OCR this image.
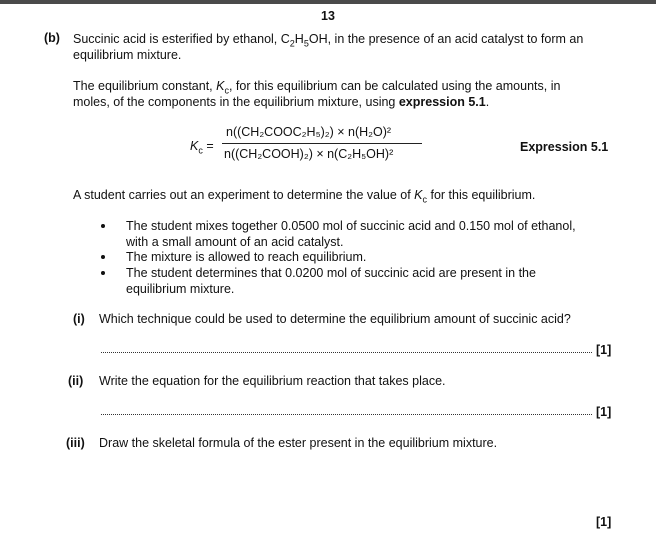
13
(b) Succinic acid is esterified by ethanol, $C_2H_5OH$, in the presence of an acid catalyst to form an
equilibrium mixture.
The equilibrium constant, $K_c$, for this equilibrium can be calculated using the amounts, in
moles, of the components in the equilibrium mixture, using expression 5.1.
$K_c$ =
n((CH₂COOC₂H₅)₂) × n(H₂O)²
n((CH₂COOH)₂) × n(C₂H₅OH)²	Expression 5.1
A student carries out an experiment to determine the value of $K_c$ for this equilibrium.
The student mixes together 0.0500 mol of succinic acid and 0.150 mol of ethanol,
with a small amount of an acid catalyst.
The mixture is allowed to reach equilibrium.
The student determines that 0.0200 mol of succinic acid are present in the
equilibrium mixture.
(i) Which technique could be used to determine the equilibrium amount of succinic acid?
[1]
(ii) Write the equation for the equilibrium reaction that takes place.
[1]
(iii) Draw the skeletal formula of the ester present in the equilibrium mixture.
[1]
